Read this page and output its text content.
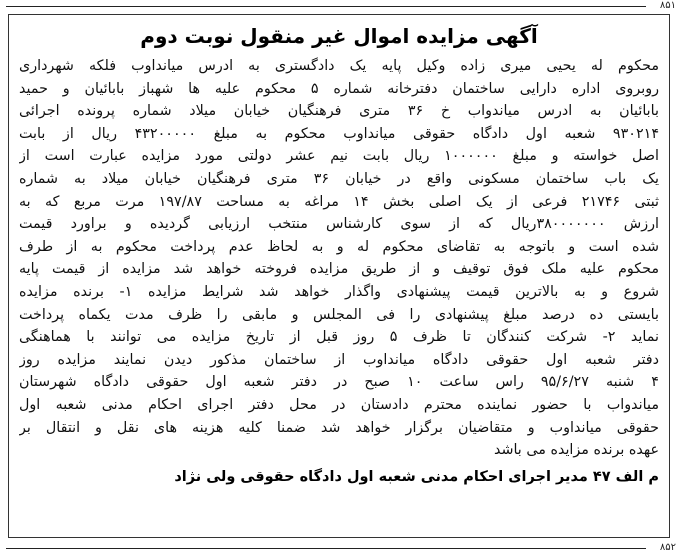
۸۵۱
آگهی مزایده اموال غیر منقول نوبت دوم
محکوم له یحیی میری زاده وکیل پایه یک دادگستری به ادرس میانداوب فلکه شهرداری
روبروی اداره دارایی ساختمان دفترخانه شماره ۵ محکوم علیه ها شهباز بابائیان و حمید
بابائیان به ادرس میاندواب خ ۳۶ متری فرهنگیان خیابان میلاد شماره پرونده اجرائی
۹۳۰۲۱۴ شعبه اول دادگاه حقوقی میانداوب محکوم به مبلغ ۴۳۲۰۰۰۰۰ ریال از بابت
اصل خواسته و مبلغ ۱۰۰۰۰۰۰ ریال بابت نیم عشر دولتی مورد مزایده عبارت است از
یک باب ساختمان مسکونی واقع در خیابان ۳۶ متری فرهنگیان خیابان میلاد به شماره
ثبتی ۲۱۷۴۶ فرعی از یک اصلی بخش ۱۴ مراغه به مساحت ۱۹۷/۸۷ مرت مربع که به
ارزش ۳۸۰۰۰۰۰۰۰ریال که از سوی کارشناس منتخب ارزیابی گردیده و براورد قیمت
شده است و باتوجه به تقاضای محکوم له و به لحاظ عدم پرداخت محکوم به از طرف
محکوم علیه ملک فوق توقیف و از طریق مزایده فروخته خواهد شد مزایده از قیمت پایه
شروع و به بالاترین قیمت پیشنهادی واگذار خواهد شد شرایط مزایده ۱- برنده مزایده
بایستی ده درصد مبلغ پیشنهادی را فی المجلس و مابقی را ظرف مدت یکماه پرداخت
نماید ۲- شرکت کنندگان تا ظرف ۵ روز قبل از تاریخ مزایده می توانند با هماهنگی
دفتر شعبه اول حقوقی دادگاه میانداوب از ساختمان مذکور دیدن نمایند مزایده روز
۴ شنبه ۹۵/۶/۲۷ راس ساعت ۱۰ صبح در دفتر شعبه اول حقوقی دادگاه شهرستان
میاندواب با حضور نماینده محترم دادستان در محل دفتر اجرای احکام مدنی شعبه اول
حقوقی میانداوب و متقاضیان برگزار خواهد شد ضمنا کلیه هزینه های نقل و انتقال بر
عهده برنده مزایده می باشد
م الف ۴۷ مدیر اجرای احکام مدنی شعبه اول دادگاه حقوقی ولی نژاد
۸۵۲
